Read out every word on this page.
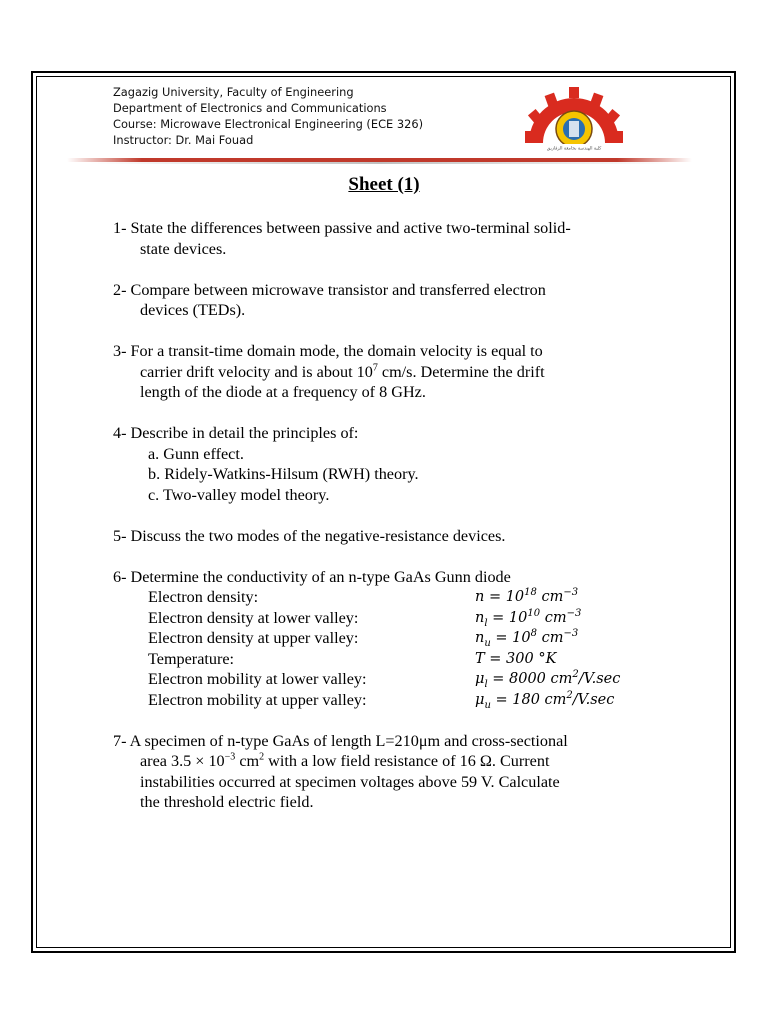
Zagazig University, Faculty of Engineering
Department of Electronics and Communications
Course: Microwave Electronical Engineering (ECE 326)
Instructor: Dr. Mai Fouad
كلية الهندسة بجامعة الزقازيق
Sheet (1)
1- State the differences between passive and active two-terminal solid-
state devices.
2- Compare between microwave transistor and transferred electron
devices (TEDs).
3- For a transit-time domain mode, the domain velocity is equal to
carrier drift velocity and is about $10^7$ cm/s. Determine the drift
length of the diode at a frequency of 8 GHz.
4- Describe in detail the principles of:
a. Gunn effect.
b. Ridely-Watkins-Hilsum (RWH) theory.
c. Two-valley model theory.
5- Discuss the two modes of the negative-resistance devices.
6- Determine the conductivity of an n-type GaAs Gunn diode
Electron density:	$n = 10^{18}$ $cm^{-3}$
Electron density at lower valley:	$n_l = 10^{10}$ $cm^{-3}$
Electron density at upper valley:	$n_u = 10^8$ $cm^{-3}$
Temperature:	T = 300 °K
Electron mobility at lower valley:	$\mu_l = 8000$ $cm^2/V.\sec$
Electron mobility at upper valley:	$\mu_u = 180$ $cm^2/V.\sec$
7- A specimen of n-type GaAs of length L=210μm and cross-sectional
area $3.5 \times 10^{-3}$ $cm^2$ with a low field resistance of 16 Ω. Current
instabilities occurred at specimen voltages above 59 V. Calculate
the threshold electric field.
